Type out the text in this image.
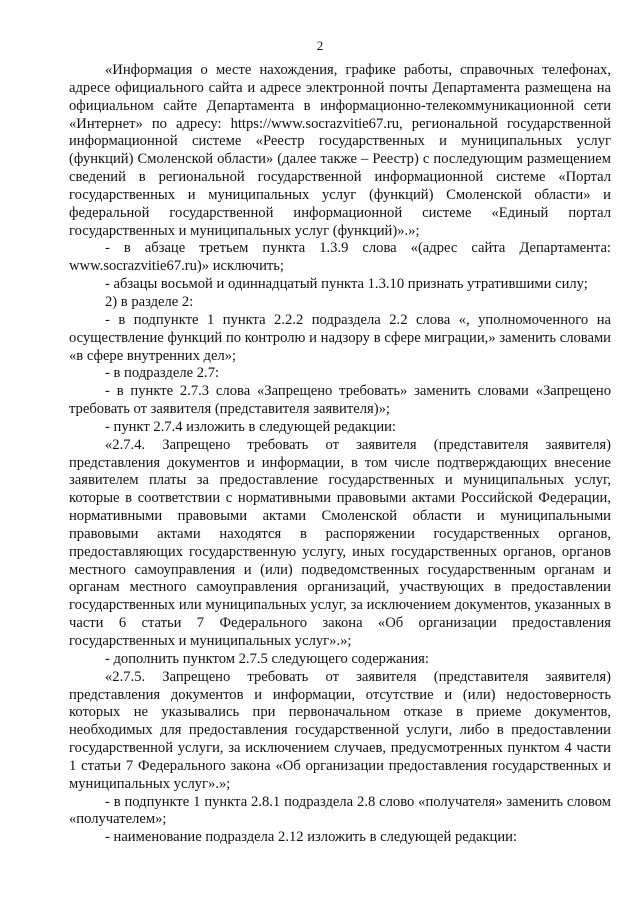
2

«Информация о месте нахождения, графике работы, справочных телефонах, адресе официального сайта и адресе электронной почты Департамента размещена на официальном сайте Департамента в информационно-телекоммуникационной сети «Интернет» по адресу: https://www.socrazvitie67.ru, региональной государственной информационной системе «Реестр государственных и муниципальных услуг (функций) Смоленской области» (далее также – Реестр) с последующим размещением сведений в региональной государственной информационной системе «Портал государственных и муниципальных услуг (функций) Смоленской области» и федеральной государственной информационной системе «Единый портал государственных и муниципальных услуг (функций)».»;

- в абзаце третьем пункта 1.3.9 слова «(адрес сайта Департамента: www.socrazvitie67.ru)» исключить;

- абзацы восьмой и одиннадцатый пункта 1.3.10 признать утратившими силу;

2) в разделе 2:

- в подпункте 1 пункта 2.2.2 подраздела 2.2 слова «, уполномоченного на осуществление функций по контролю и надзору в сфере миграции,» заменить словами «в сфере внутренних дел»;

- в подразделе 2.7:

- в пункте 2.7.3 слова «Запрещено требовать» заменить словами «Запрещено требовать от заявителя (представителя заявителя)»;

- пункт 2.7.4 изложить в следующей редакции:

«2.7.4. Запрещено требовать от заявителя (представителя заявителя) представления документов и информации, в том числе подтверждающих внесение заявителем платы за предоставление государственных и муниципальных услуг, которые в соответствии с нормативными правовыми актами Российской Федерации, нормативными правовыми актами Смоленской области и муниципальными правовыми актами находятся в распоряжении государственных органов, предоставляющих государственную услугу, иных государственных органов, органов местного самоуправления и (или) подведомственных государственным органам и органам местного самоуправления организаций, участвующих в предоставлении государственных или муниципальных услуг, за исключением документов, указанных в части 6 статьи 7 Федерального закона «Об организации предоставления государственных и муниципальных услуг».»;

- дополнить пунктом 2.7.5 следующего содержания:

«2.7.5. Запрещено требовать от заявителя (представителя заявителя) представления документов и информации, отсутствие и (или) недостоверность которых не указывались при первоначальном отказе в приеме документов, необходимых для предоставления государственной услуги, либо в предоставлении государственной услуги, за исключением случаев, предусмотренных пунктом 4 части 1 статьи 7 Федерального закона «Об организации предоставления государственных и муниципальных услуг».»;

- в подпункте 1 пункта 2.8.1 подраздела 2.8 слово «получателя» заменить словом «получателем»;

- наименование подраздела 2.12 изложить в следующей редакции:
